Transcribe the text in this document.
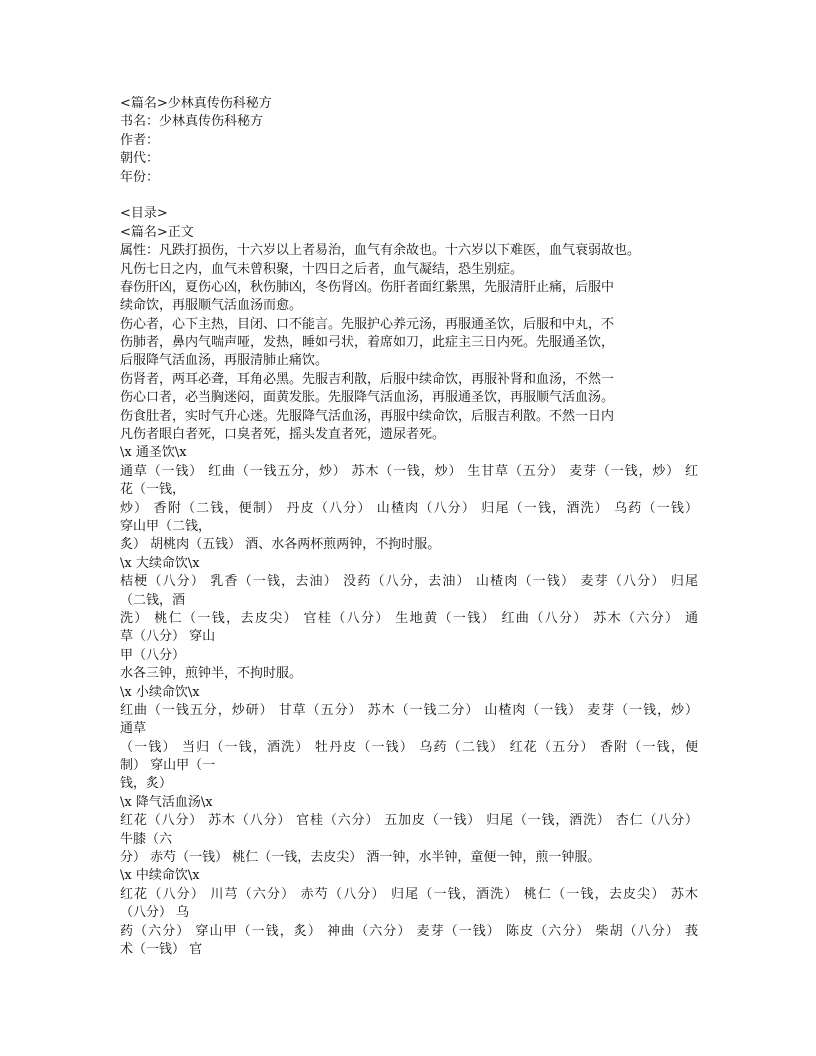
<篇名>少林真传伤科秘方
书名：少林真传伤科秘方
作者：
朝代：
年份：
<目录>
<篇名>正文
属性：凡跌打损伤，十六岁以上者易治，血气有余故也。十六岁以下难医，血气衰弱故也。
凡伤七日之内，血气未曾积聚，十四日之后者，血气凝结，恐生别症。
春伤肝凶，夏伤心凶，秋伤肺凶，冬伤肾凶。伤肝者面红紫黑，先服清肝止痛，后服中
续命饮，再服顺气活血汤而愈。
伤心者，心下主热，目闭、口不能言。先服护心养元汤，再服通圣饮，后服和中丸，不
伤肺者，鼻内气喘声哑，发热，睡如弓状，着席如刀，此症主三日内死。先服通圣饮，
后服降气活血汤，再服清肺止痛饮。
伤肾者，两耳必聋，耳角必黑。先服吉利散，后服中续命饮，再服补肾和血汤，不然一
伤心口者，必当胸迷闷，面黄发胀。先服降气活血汤，再服通圣饮，再服顺气活血汤。
伤食肚者，实时气升心迷。先服降气活血汤，再服中续命饮，后服吉利散。不然一日内
凡伤者眼白者死，口臭者死，摇头发直者死，遗尿者死。
\x 通圣饮\x
通草（一钱） 红曲（一钱五分，炒） 苏木（一钱，炒） 生甘草（五分） 麦芽（一钱，炒） 红
花（一钱，
炒） 香附（二钱，便制） 丹皮（八分） 山楂肉（八分） 归尾（一钱，酒洗） 乌药（一钱）
穿山甲（二钱，
炙） 胡桃肉（五钱） 酒、水各两杯煎两钟，不拘时服。
\x 大续命饮\x
桔梗（八分） 乳香（一钱，去油） 没药（八分，去油） 山楂肉（一钱） 麦芽（八分） 归尾
（二钱，酒
洗） 桃仁（一钱，去皮尖） 官桂（八分） 生地黄（一钱） 红曲（八分） 苏木（六分） 通
草（八分） 穿山
甲（八分）
水各三钟，煎钟半，不拘时服。
\x 小续命饮\x
红曲（一钱五分，炒研） 甘草（五分） 苏木（一钱二分） 山楂肉（一钱） 麦芽（一钱，炒）
通草
（一钱） 当归（一钱，酒洗） 牡丹皮（一钱） 乌药（二钱） 红花（五分） 香附（一钱，便
制） 穿山甲（一
钱，炙）
\x 降气活血汤\x
红花（八分） 苏木（八分） 官桂（六分） 五加皮（一钱） 归尾（一钱，酒洗） 杏仁（八分）
牛膝（六
分） 赤芍（一钱） 桃仁（一钱，去皮尖） 酒一钟，水半钟，童便一钟，煎一钟服。
\x 中续命饮\x
红花（八分） 川芎（六分） 赤芍（八分） 归尾（一钱，酒洗） 桃仁（一钱，去皮尖） 苏木
（八分） 乌
药（六分） 穿山甲（一钱，炙） 神曲（六分） 麦芽（一钱） 陈皮（六分） 柴胡（八分） 莪
术（一钱） 官
